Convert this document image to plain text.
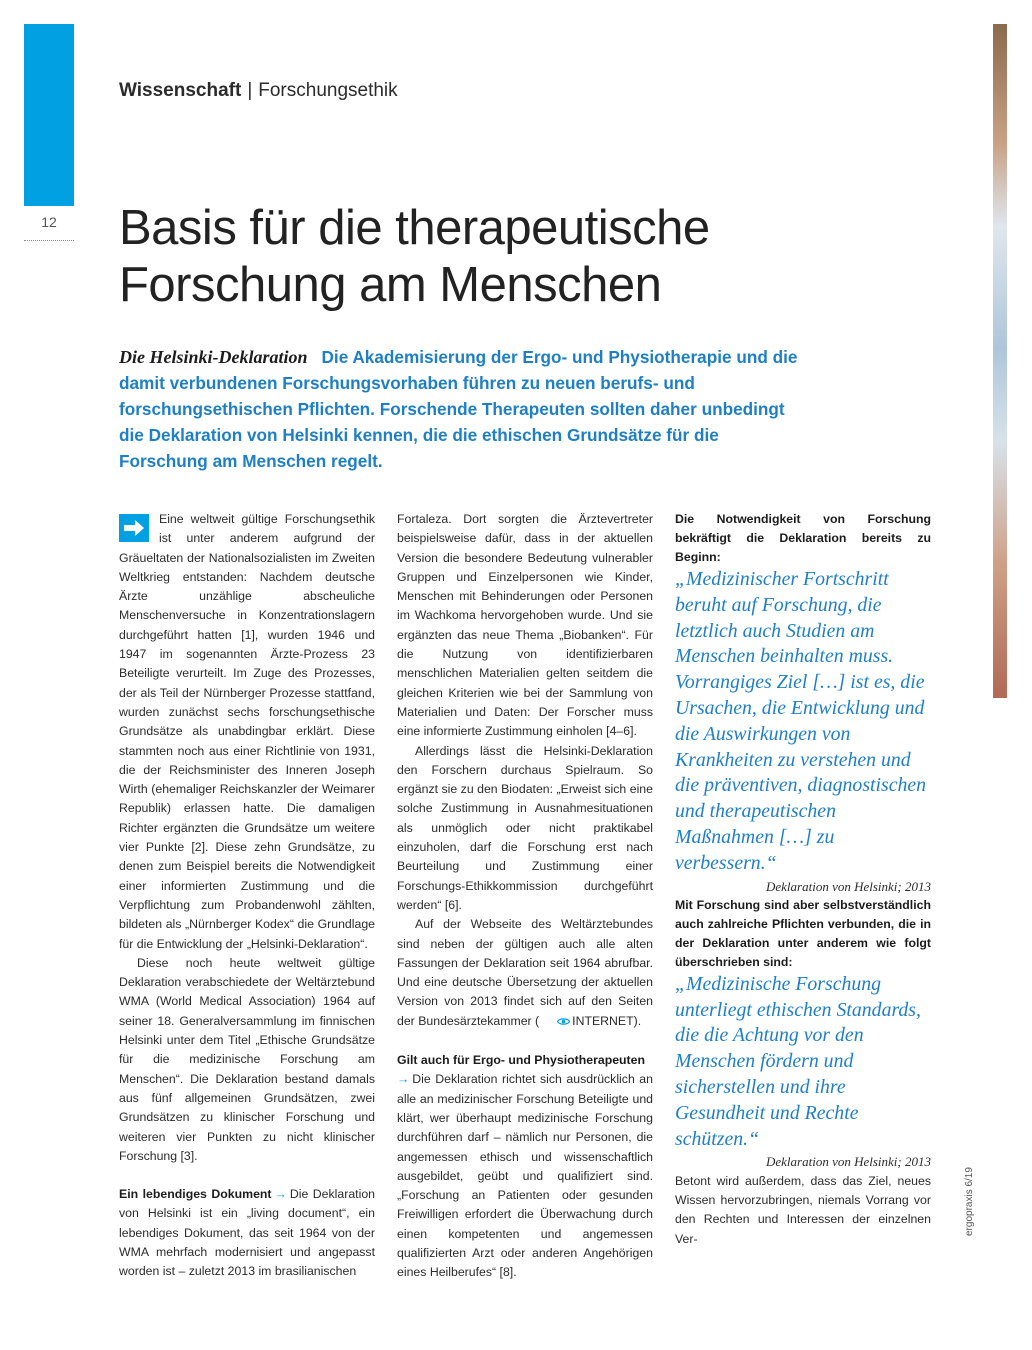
12
Wissenschaft | Forschungsethik
Basis für die therapeutische
Forschung am Menschen

Die Helsinki-Deklaration Die Akademisierung der Ergo- und Physiotherapie und die damit verbundenen Forschungsvorhaben führen zu neuen berufs- und forschungsethischen Pflichten. Forschende Therapeuten sollten daher unbedingt die Deklaration von Helsinki kennen, die die ethischen Grundsätze für die Forschung am Menschen regelt.

Eine weltweit gültige Forschungsethik ist unter anderem aufgrund der Gräueltaten der Nationalsozialisten im Zweiten Weltkrieg entstanden: Nachdem deutsche Ärzte unzählige abscheuliche Menschenversuche in Konzentrationslagern durchgeführt hatten [1], wurden 1946 und 1947 im sogenannten Ärzte-Prozess 23 Beteiligte verurteilt. Im Zuge des Prozesses, der als Teil der Nürnberger Prozesse stattfand, wurden zunächst sechs forschungsethische Grundsätze als unabdingbar erklärt. Diese stammten noch aus einer Richtlinie von 1931, die der Reichsminister des Inneren Joseph Wirth (ehemaliger Reichskanzler der Weimarer Republik) erlassen hatte. Die damaligen Richter ergänzten die Grundsätze um weitere vier Punkte [2]. Diese zehn Grundsätze, zu denen zum Beispiel bereits die Notwendigkeit einer informierten Zustimmung und die Verpflichtung zum Probandenwohl zählten, bildeten als „Nürnberger Kodex“ die Grundlage für die Entwicklung der „Helsinki-Deklaration“.

Diese noch heute weltweit gültige Deklaration verabschiedete der Weltärztebund WMA (World Medical Association) 1964 auf seiner 18. Generalversammlung im finnischen Helsinki unter dem Titel „Ethische Grundsätze für die medizinische Forschung am Menschen“. Die Deklaration bestand damals aus fünf allgemeinen Grundsätzen, zwei Grundsätzen zu klinischer Forschung und weiteren vier Punkten zu nicht klinischer Forschung [3].

Ein lebendiges Dokument → Die Deklaration von Helsinki ist ein „living document“, ein lebendiges Dokument, das seit 1964 von der WMA mehrfach modernisiert und angepasst worden ist – zuletzt 2013 im brasilianischen

Fortaleza. Dort sorgten die Ärztevertreter beispielsweise dafür, dass in der aktuellen Version die besondere Bedeutung vulnerabler Gruppen und Einzelpersonen wie Kinder, Menschen mit Behinderungen oder Personen im Wachkoma hervorgehoben wurde. Und sie ergänzten das neue Thema „Biobanken“. Für die Nutzung von identifizierbaren menschlichen Materialien gelten seitdem die gleichen Kriterien wie bei der Sammlung von Materialien und Daten: Der Forscher muss eine informierte Zustimmung einholen [4–6].

Allerdings lässt die Helsinki-Deklaration den Forschern durchaus Spielraum. So ergänzt sie zu den Biodaten: „Erweist sich eine solche Zustimmung in Ausnahmesituationen als unmöglich oder nicht praktikabel einzuholen, darf die Forschung erst nach Beurteilung und Zustimmung einer Forschungs-Ethikkommission durchgeführt werden“ [6].

Auf der Webseite des Weltärztebundes sind neben der gültigen auch alle alten Fassungen der Deklaration seit 1964 abrufbar. Und eine deutsche Übersetzung der aktuellen Version von 2013 findet sich auf den Seiten der Bundesärztekammer (	INTERNET).

Gilt auch für Ergo- und Physiotherapeuten

→ Die Deklaration richtet sich ausdrücklich an alle an medizinischer Forschung Beteiligte und klärt, wer überhaupt medizinische Forschung durchführen darf – nämlich nur Personen, die angemessen ethisch und wissenschaftlich ausgebildet, geübt und qualifiziert sind. „Forschung an Patienten oder gesunden Freiwilligen erfordert die Überwachung durch einen kompetenten und angemessen qualifizierten Arzt oder anderen Angehörigen eines Heilberufes“ [8].

Die Notwendigkeit von Forschung bekräftigt die Deklaration bereits zu Beginn:

„Medizinischer Fortschritt beruht auf Forschung, die letztlich auch Studien am Menschen beinhalten muss. Vorrangiges Ziel […] ist es, die Ursachen, die Entwicklung und die Auswirkungen von Krankheiten zu verstehen und die präventiven, diagnostischen und therapeutischen Maßnahmen […] zu verbessern.“

Deklaration von Helsinki; 2013

Mit Forschung sind aber selbstverständlich auch zahlreiche Pflichten verbunden, die in der Deklaration unter anderem wie folgt überschrieben sind:

„Medizinische Forschung unterliegt ethischen Standards, die die Achtung vor den Menschen fördern und sicherstellen und ihre Gesundheit und Rechte schützen.“

Deklaration von Helsinki; 2013

Betont wird außerdem, dass das Ziel, neues Wissen hervorzubringen, niemals Vorrang vor den Rechten und Interessen der einzelnen Ver-

ergopraxis 6/19
